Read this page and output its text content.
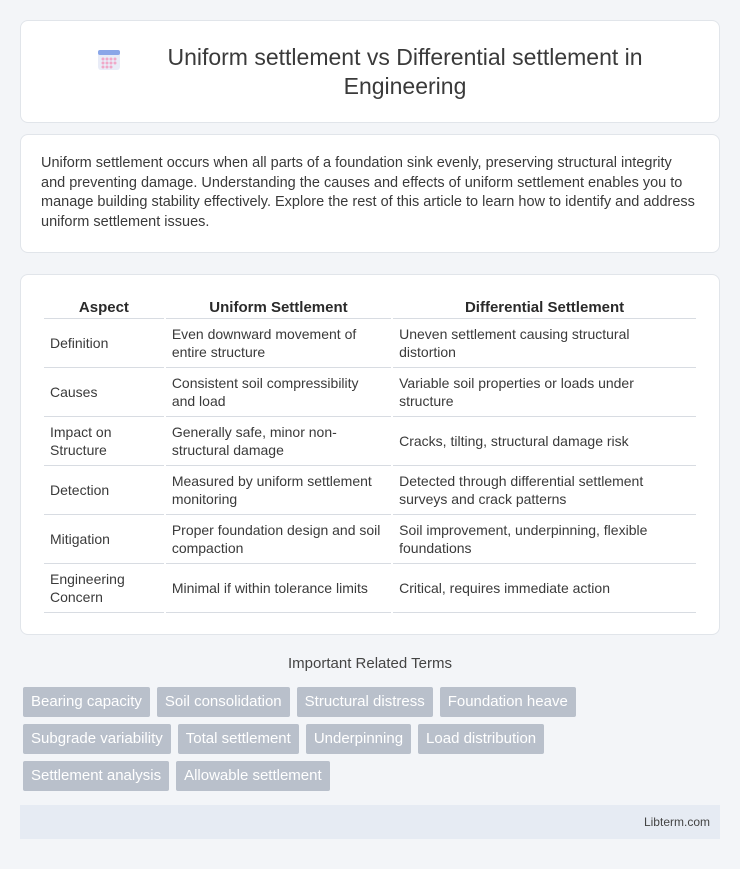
Uniform settlement vs Differential settlement in Engineering

Uniform settlement occurs when all parts of a foundation sink evenly, preserving structural integrity and preventing damage. Understanding the causes and effects of uniform settlement enables you to manage building stability effectively. Explore the rest of this article to learn how to identify and address uniform settlement issues.

Aspect	Uniform Settlement	Differential Settlement
Definition	Even downward movement of entire structure	Uneven settlement causing structural distortion
Causes	Consistent soil compressibility and load	Variable soil properties or loads under structure
Impact on Structure	Generally safe, minor non-structural damage	Cracks, tilting, structural damage risk
Detection	Measured by uniform settlement monitoring	Detected through differential settlement surveys and crack patterns
Mitigation	Proper foundation design and soil compaction	Soil improvement, underpinning, flexible foundations
Engineering Concern	Minimal if within tolerance limits	Critical, requires immediate action
Important Related Terms
Bearing capacity	Soil consolidation	Structural distress	Foundation heave
Subgrade variability	Total settlement	Underpinning	Load distribution
Settlement analysis	Allowable settlement
Libterm.com
